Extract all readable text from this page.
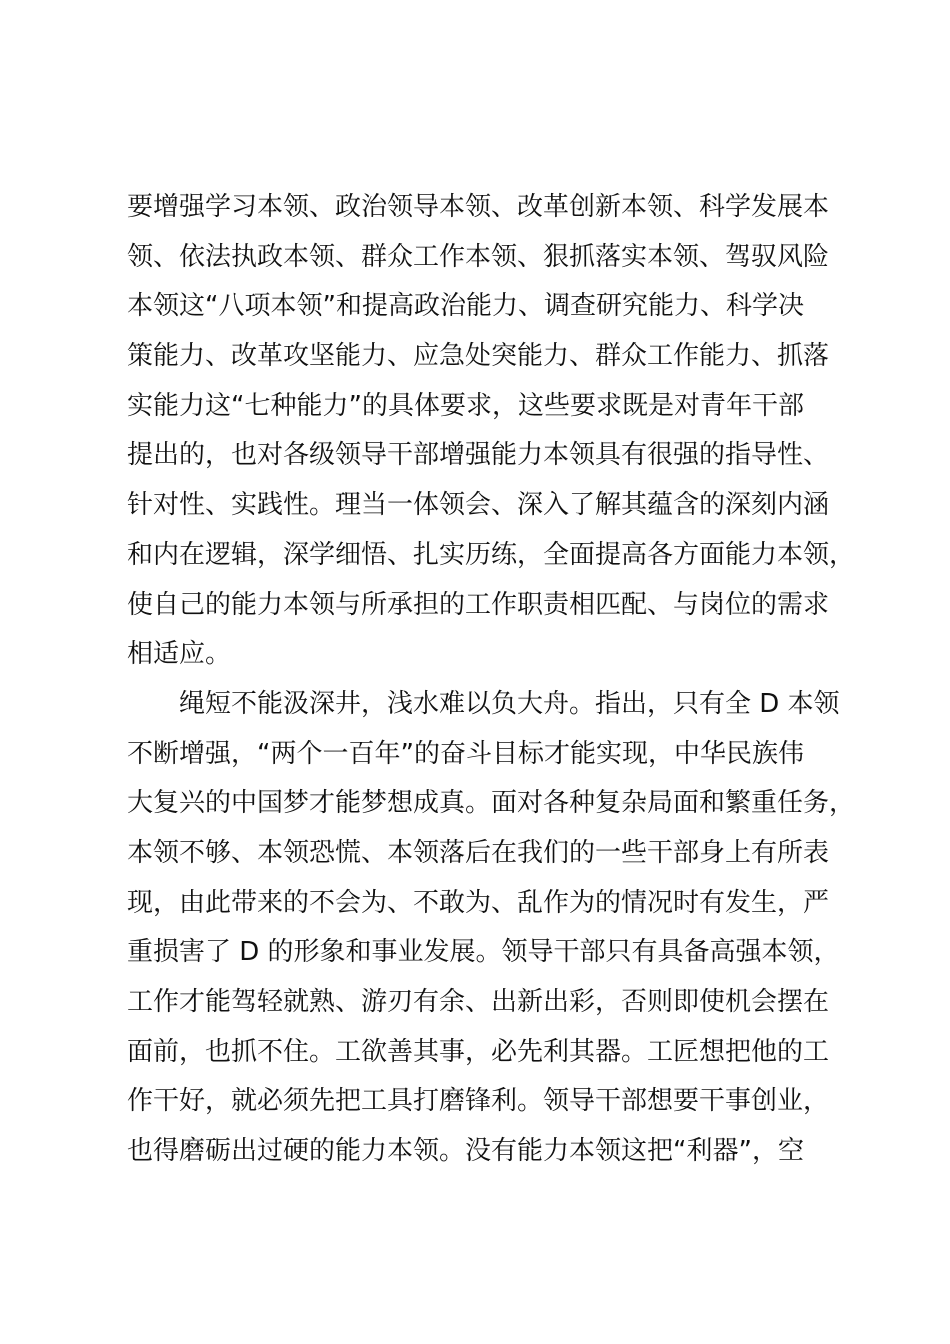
要增强学习本领、政治领导本领、改革创新本领、科学发展本
领、依法执政本领、群众工作本领、狠抓落实本领、驾驭风险
本领这“八项本领”和提高政治能力、调查研究能力、科学决
策能力、改革攻坚能力、应急处突能力、群众工作能力、抓落
实能力这“七种能力”的具体要求，这些要求既是对青年干部
提出的，也对各级领导干部增强能力本领具有很强的指导性、
针对性、实践性。理当一体领会、深入了解其蕴含的深刻内涵
和内在逻辑，深学细悟、扎实历练，全面提高各方面能力本领，
使自己的能力本领与所承担的工作职责相匹配、与岗位的需求
相适应。
绳短不能汲深井，浅水难以负大舟。指出，只有全 D 本领
不断增强，“两个一百年”的奋斗目标才能实现，中华民族伟
大复兴的中国梦才能梦想成真。面对各种复杂局面和繁重任务，
本领不够、本领恐慌、本领落后在我们的一些干部身上有所表
现，由此带来的不会为、不敢为、乱作为的情况时有发生，严
重损害了 D 的形象和事业发展。领导干部只有具备高强本领，
工作才能驾轻就熟、游刃有余、出新出彩，否则即使机会摆在
面前，也抓不住。工欲善其事，必先利其器。工匠想把他的工
作干好，就必须先把工具打磨锋利。领导干部想要干事创业，
也得磨砺出过硬的能力本领。没有能力本领这把“利器”，空
